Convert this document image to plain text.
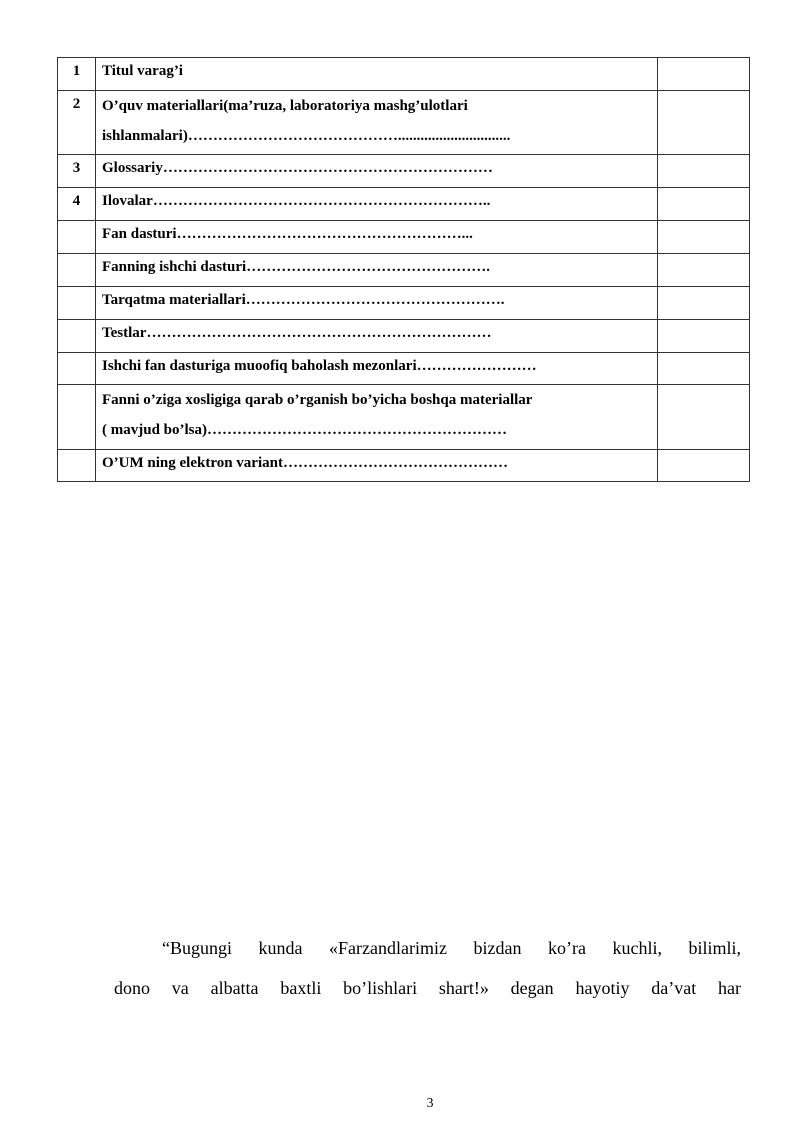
1	Titul varag’i	

2	O’quv materiallari(ma’ruza, laboratoriya mashg’ulotlari
ishlanmalari)……………………………………..............................	

3	Glossariy…………………………………………………………	

4	Ilovalar…………………………………………………………..	

	Fan dasturi…………………………………………………...	

	Fanning ishchi dasturi………………………………………….	

	Tarqatma materiallari…………………………………………….	

	Testlar……………………………………………………………	

	Ishchi fan dasturiga muoofiq baholash mezonlari……………………	

	Fanni o’ziga xosligiga qarab o’rganish bo’yicha boshqa materiallar
( mavjud bo’lsa)……………………………………………………	

	O’UM ning elektron variant………………………………………	

“Bugungi kunda «Farzandlarimiz bizdan ko’ra kuchli, bilimli,

dono va albatta baxtli bo’lishlari shart!» degan hayotiy da’vat har

3
